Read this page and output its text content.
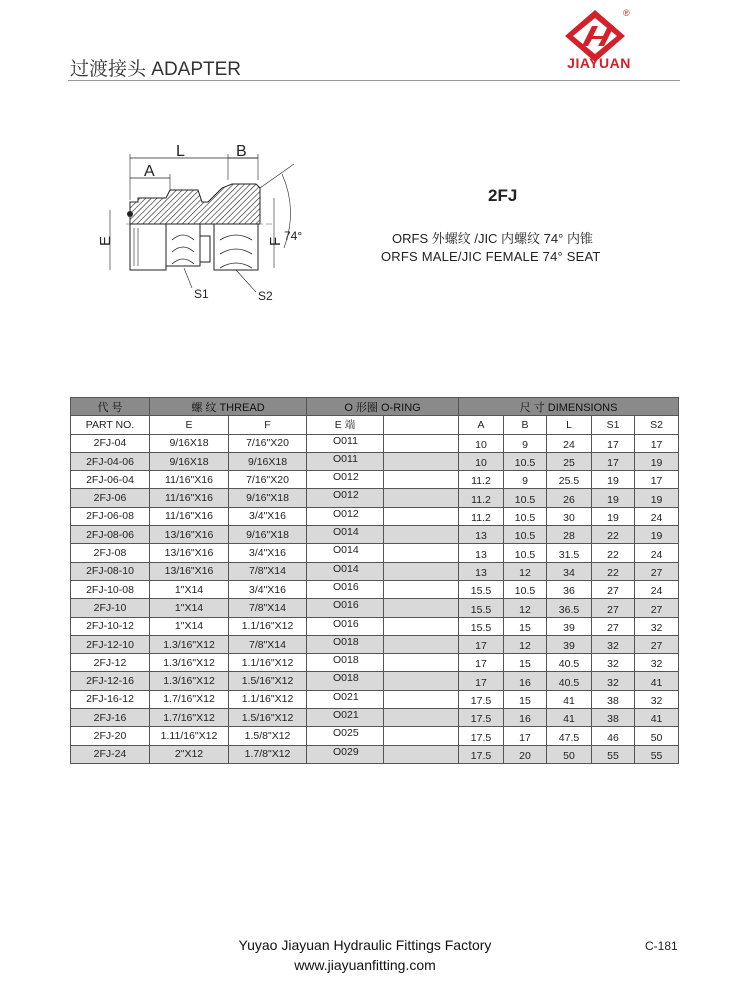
过渡接头 ADAPTER
®
JIAYUAN
L	B
A
E	F 74°
S1	S2
2FJ
ORFS 外螺纹 /JIC 内螺纹 74° 内锥
ORFS MALE/JIC FEMALE 74° SEAT
代 号	螺 纹 THREAD		O 形圈 O-RING		尺 寸 DIMENSIONS				
PART NO.	E	F	E 端		A	B	L	S1	S2
2FJ-04	9/16X18	7/16"X20	O011		10	9	24	17	17
2FJ-04-06	9/16X18	9/16X18	O011		10	10.5	25	17	19
2FJ-06-04	11/16"X16	7/16"X20	O012		11.2	9	25.5	19	17
2FJ-06	11/16"X16	9/16"X18	O012		11.2	10.5	26	19	19
2FJ-06-08	11/16"X16	3/4"X16	O012		11.2	10.5	30	19	24
2FJ-08-06	13/16"X16	9/16"X18	O014		13	10.5	28	22	19
2FJ-08	13/16"X16	3/4"X16	O014		13	10.5	31.5	22	24
2FJ-08-10	13/16"X16	7/8"X14	O014		13	12	34	22	27
2FJ-10-08	1"X14	3/4"X16	O016		15.5	10.5	36	27	24
2FJ-10	1"X14	7/8"X14	O016		15.5	12	36.5	27	27
2FJ-10-12	1"X14	1.1/16"X12	O016		15.5	15	39	27	32
2FJ-12-10	1.3/16"X12	7/8"X14	O018		17	12	39	32	27
2FJ-12	1.3/16"X12	1.1/16"X12	O018		17	15	40.5	32	32
2FJ-12-16	1.3/16"X12	1.5/16"X12	O018		17	16	40.5	32	41
2FJ-16-12	1.7/16"X12	1.1/16"X12	O021		17.5	15	41	38	32
2FJ-16	1.7/16"X12	1.5/16"X12	O021		17.5	16	41	38	41
2FJ-20	1.11/16"X12	1.5/8"X12	O025		17.5	17	47.5	46	50
2FJ-24	2"X12	1.7/8"X12	O029		17.5	20	50	55	55
Yuyao Jiayuan Hydraulic Fittings Factory
www.jiayuanfitting.com
C-181
